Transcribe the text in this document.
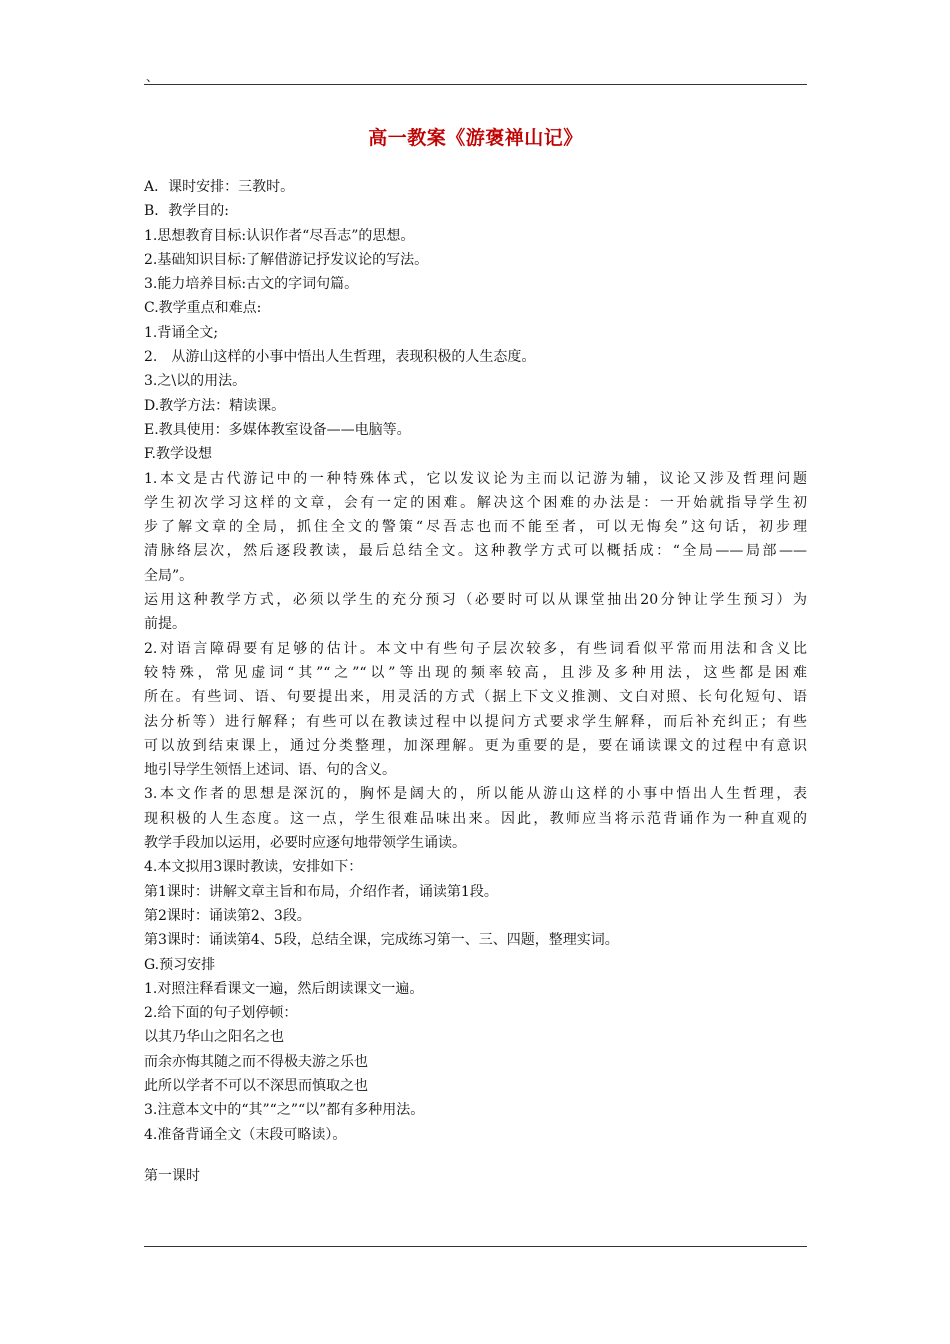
、
高一教案《游褒禅山记》
A．课时安排：三教时。
B．教学目的:
1.思想教育目标:认识作者“尽吾志”的思想。
2.基础知识目标:了解借游记抒发议论的写法。
3.能力培养目标:古文的字词句篇。
C.教学重点和难点:
1.背诵全文;
2.　从游山这样的小事中悟出人生哲理，表现积极的人生态度。
3.之\以的用法。
D.教学方法：精读课。
E.教具使用：多媒体教室设备——电脑等。
F.教学设想
1.本文是古代游记中的一种特殊体式，它以发议论为主而以记游为辅，议论又涉及哲理问题
学生初次学习这样的文章，会有一定的困难。解决这个困难的办法是：一开始就指导学生初
步了解文章的全局，抓住全文的警策“尽吾志也而不能至者，可以无悔矣”这句话，初步理
清脉络层次，然后逐段教读，最后总结全文。这种教学方式可以概括成：“全局——局部——
全局”。
运用这种教学方式，必须以学生的充分预习（必要时可以从课堂抽出20分钟让学生预习）为
前提。
2.对语言障碍要有足够的估计。本文中有些句子层次较多，有些词看似平常而用法和含义比
较特殊，常见虚词“其”“之”“以”等出现的频率较高，且涉及多种用法，这些都是困难
所在。有些词、语、句要提出来，用灵活的方式（据上下文义推测、文白对照、长句化短句、语
法分析等）进行解释；有些可以在教读过程中以提问方式要求学生解释，而后补充纠正；有些
可以放到结束课上，通过分类整理，加深理解。更为重要的是，要在诵读课文的过程中有意识
地引导学生领悟上述词、语、句的含义。
3.本文作者的思想是深沉的，胸怀是阔大的，所以能从游山这样的小事中悟出人生哲理，表
现积极的人生态度。这一点，学生很难品味出来。因此，教师应当将示范背诵作为一种直观的
教学手段加以运用，必要时应逐句地带领学生诵读。
4.本文拟用3课时教读，安排如下：
第1课时：讲解文章主旨和布局，介绍作者，诵读第1段。
第2课时：诵读第2、3段。
第3课时：诵读第4、5段，总结全课，完成练习第一、三、四题，整理实词。
G.预习安排
1.对照注释看课文一遍，然后朗读课文一遍。
2.给下面的句子划停顿：
以其乃华山之阳名之也
而余亦悔其随之而不得极夫游之乐也
此所以学者不可以不深思而慎取之也
3.注意本文中的“其”“之”“以”都有多种用法。
4.准备背诵全文（末段可略读）。
第一课时
